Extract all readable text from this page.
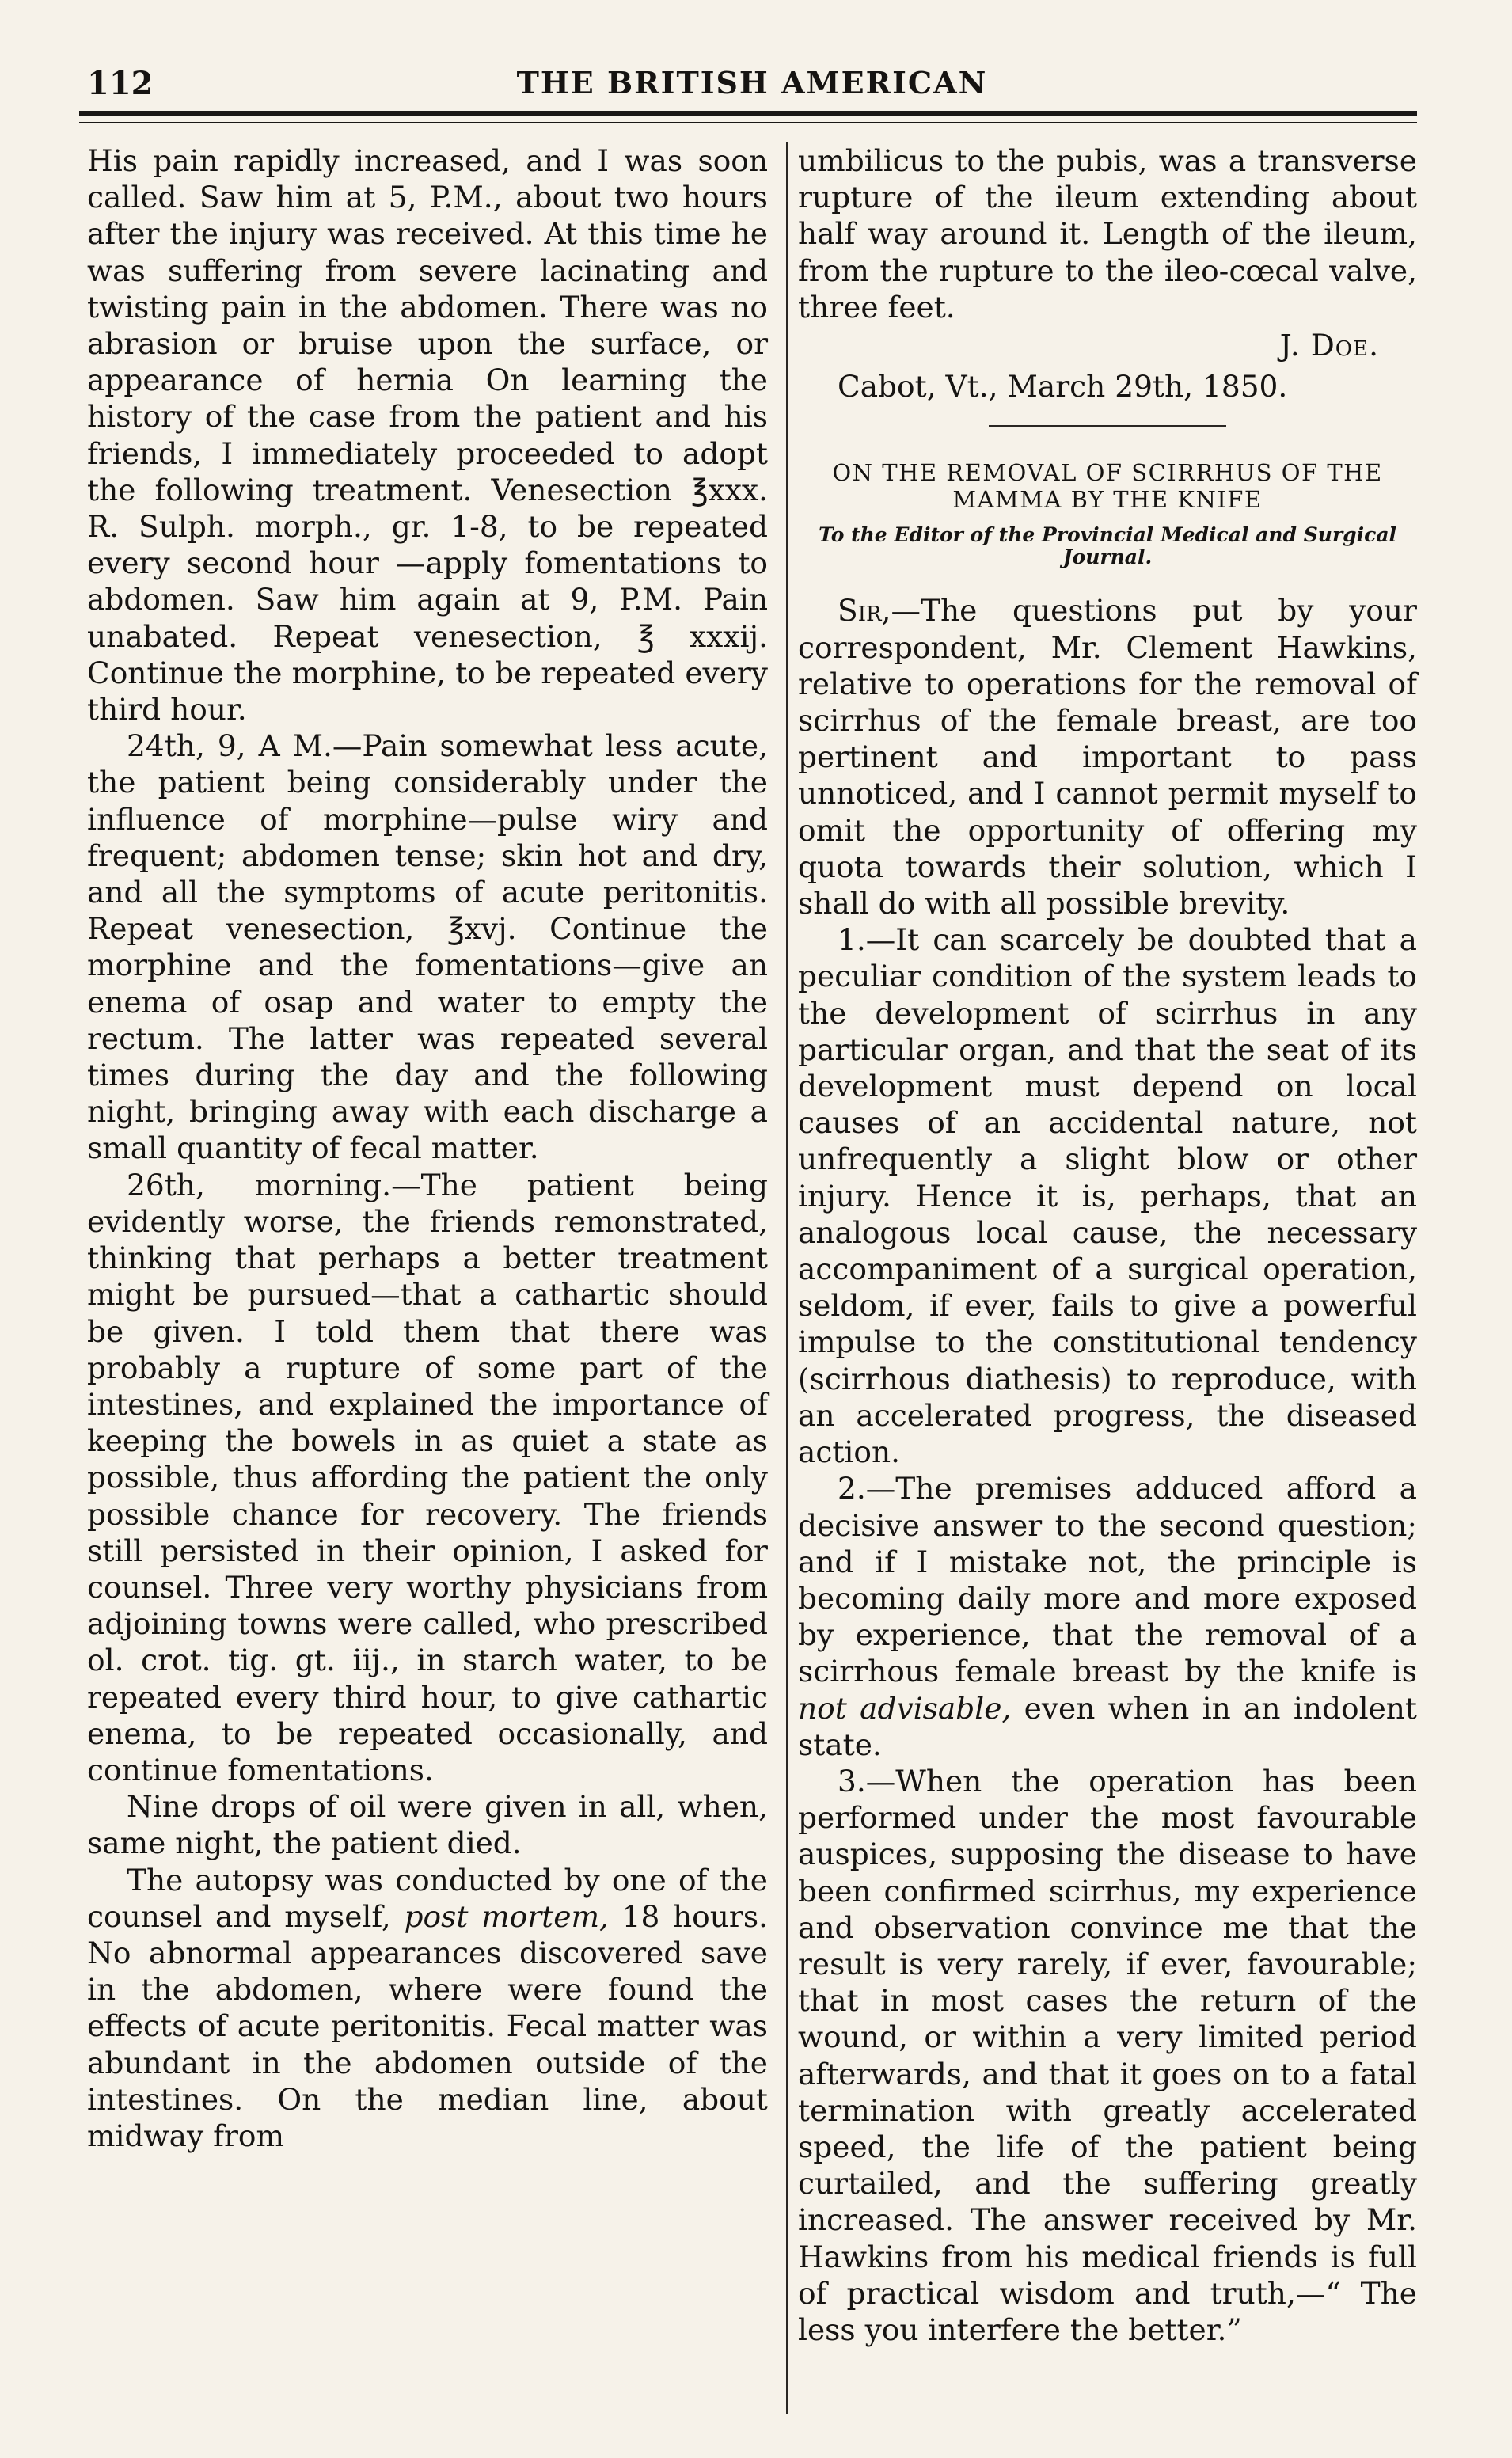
112	THE BRITISH AMERICAN

His pain rapidly increased, and I was soon called. Saw him at 5, P.M., about two hours after the injury was received. At this time he was suffering from severe lacinating and twisting pain in the abdomen. There was no abrasion or bruise upon the surface, or appearance of hernia On learning the history of the case from the patient and his friends, I immediately proceeded to adopt the following treatment. Venesection ℥xxx. R. Sulph. morph., gr. 1-8, to be repeated every second hour —apply fomentations to abdomen. Saw him again at 9, P.M. Pain unabated. Repeat venesection, ℥ xxxij. Continue the morphine, to be repeated every third hour.

24th, 9, A M.—Pain somewhat less acute, the patient being considerably under the influence of morphine—pulse wiry and frequent; abdomen tense; skin hot and dry, and all the symptoms of acute peritonitis. Repeat venesection, ℥xvj. Continue the morphine and the fomentations—give an enema of osap and water to empty the rectum. The latter was repeated several times during the day and the following night, bringing away with each discharge a small quantity of fecal matter.

26th, morning.—The patient being evidently worse, the friends remonstrated, thinking that perhaps a better treatment might be pursued—that a cathartic should be given. I told them that there was probably a rupture of some part of the intestines, and explained the importance of keeping the bowels in as quiet a state as possible, thus affording the patient the only possible chance for recovery. The friends still persisted in their opinion, I asked for counsel. Three very worthy physicians from adjoining towns were called, who prescribed ol. crot. tig. gt. iij., in starch water, to be repeated every third hour, to give cathartic enema, to be repeated occasionally, and continue fomentations.

Nine drops of oil were given in all, when, same night, the patient died.

The autopsy was conducted by one of the counsel and myself, post mortem, 18 hours. No abnormal appearances discovered save in the abdomen, where were found the effects of acute peritonitis. Fecal matter was abundant in the abdomen outside of the intestines. On the median line, about midway from

umbilicus to the pubis, was a transverse rupture of the ileum extending about half way around it. Length of the ileum, from the rupture to the ileo-cœcal valve, three feet.

J. Doe.

Cabot, Vt., March 29th, 1850.

ON THE REMOVAL OF SCIRRHUS OF THE MAMMA BY THE KNIFE

To the Editor of the Provincial Medical and Surgical Journal.

Sir,—The questions put by your correspondent, Mr. Clement Hawkins, relative to operations for the removal of scirrhus of the female breast, are too pertinent and important to pass unnoticed, and I cannot permit myself to omit the opportunity of offering my quota towards their solution, which I shall do with all possible brevity.

1.—It can scarcely be doubted that a peculiar condition of the system leads to the development of scirrhus in any particular organ, and that the seat of its development must depend on local causes of an accidental nature, not unfrequently a slight blow or other injury. Hence it is, perhaps, that an analogous local cause, the necessary accompaniment of a surgical operation, seldom, if ever, fails to give a powerful impulse to the constitutional tendency (scirrhous diathesis) to reproduce, with an accelerated progress, the diseased action.

2.—The premises adduced afford a decisive answer to the second question; and if I mistake not, the principle is becoming daily more and more exposed by experience, that the removal of a scirrhous female breast by the knife is not advisable, even when in an indolent state.

3.—When the operation has been performed under the most favourable auspices, supposing the disease to have been confirmed scirrhus, my experience and observation convince me that the result is very rarely, if ever, favourable; that in most cases the return of the wound, or within a very limited period afterwards, and that it goes on to a fatal termination with greatly accelerated speed, the life of the patient being curtailed, and the suffering greatly increased. The answer received by Mr. Hawkins from his medical friends is full of practical wisdom and truth,—“ The less you interfere the better.”
